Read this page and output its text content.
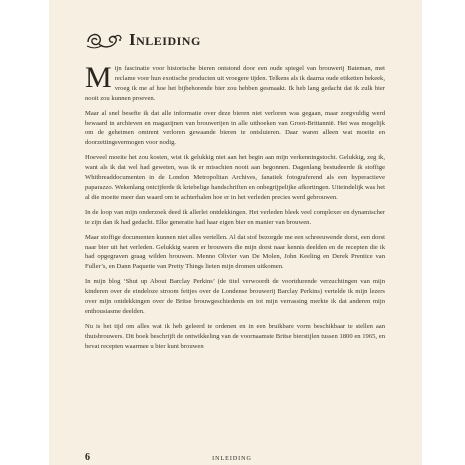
Inleiding

Mijn fascinatie voor historische bieren ontstond door een oude spiegel van brouwerij Bateman, met reclame voor hun exotische producten uit vroegere tijden. Telkens als ik daarna oude etiketten bekeek, vroeg ik me af hoe het bijbehorende bier zou hebben gesmaakt. Ik heb lang gedacht dat ik zulk bier nooit zou kunnen proeven.

Maar al snel besefte ik dat alle informatie over deze bieren niet verloren was gegaan, maar zorgvuldig werd bewaard in archieven en magazijnen van brouwerijen in alle uithoeken van Groot-Brittannië. Het was mogelijk om de geheimen omtrent verloren gewaande bieren te ontsluieren. Daar waren alleen wat moeite en doorzettingsvermogen voor nodig.

Hoeveel moeite het zou kosten, wist ik gelukkig niet aan het begin aan mijn verkenningstocht. Gelukkig, zeg ik, want als ik dat wel had geweten, was ik er misschien nooit aan begonnen. Dagenlang bestudeerde ik stoffige Whitbreaddocumenten in de London Metropolitan Archives, fanatiek fotograferend als een hyperactieve paparazzo. Wekenlang ontcijferde ik kriebelige handschriften en onbegrijpelijke afkortingen. Uiteindelijk was het al die moeite meer dan waard om te achterhalen hoe er in het verleden precies werd gebrouwen.

In de loop van mijn onderzoek deed ik allerlei ontdekkingen. Het verleden bleek veel complexer en dynamischer te zijn dan ik had gedacht. Elke generatie had haar eigen bier en manier van brouwen.

Maar stoffige documenten kunnen niet alles vertellen. Al dat stof bezorgde me een schreeuwende dorst, een dorst naar bier uit het verleden. Gelukkig waren er brouwers die mijn dorst naar kennis deelden en de recepten die ik had opgegraven graag wilden brouwen. Menno Olivier van De Molen, John Keeling en Derek Prentice van Fuller’s, en Dann Paquette van Pretty Things lieten mijn dromen uitkomen.

In mijn blog ‘Shut up About Barclay Perkins’ (de titel verwoordt de voortdurende verzuchtingen van mijn kinderen over de eindeloze stroom feitjes over de Londense brouwerij Barclay Perkins) vertelde ik mijn lezers over mijn ontdekkingen over de Britse brouwgeschiedenis en tot mijn verrassing merkte ik dat anderen mijn enthousiasme deelden.

Nu is het tijd om alles wat ik heb geleerd te ordenen en in een bruikbare vorm beschikbaar te stellen aan thuisbrouwers. Dit boek beschrijft de ontwikkeling van de voornaamste Britse bierstijlen tussen 1800 en 1965, en bevat recepten waarmee u bier kunt brouwen

6	INLEIDING
